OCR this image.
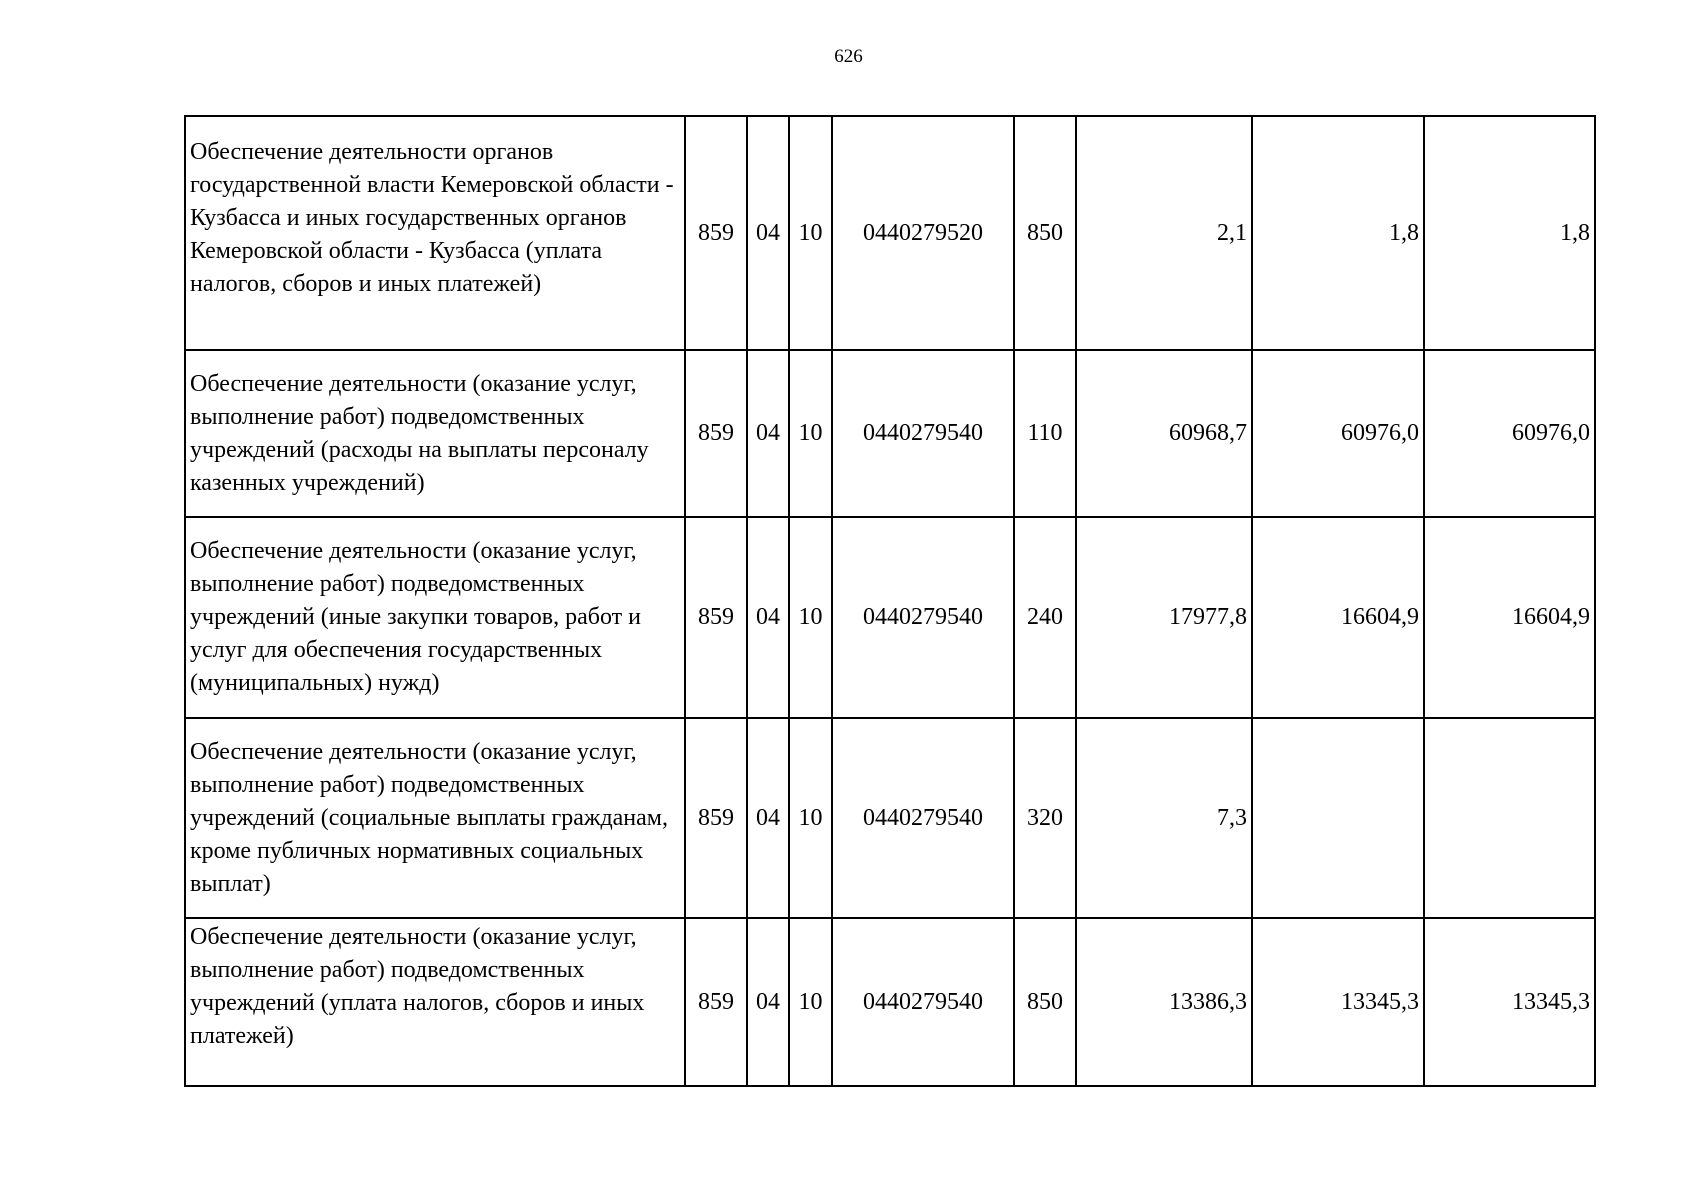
626
Обеспечение деятельности органов государственной власти Кемеровской области - Кузбасса и иных государственных органов Кемеровской области - Кузбасса (уплата налогов, сборов и иных платежей)	859	04	10	0440279520	850	2,1	1,8	1,8
Обеспечение деятельности (оказание услуг, выполнение работ) подведомственных учреждений (расходы на выплаты персоналу казенных учреждений)	859	04	10	0440279540	110	60968,7	60976,0	60976,0
Обеспечение деятельности (оказание услуг, выполнение работ) подведомственных учреждений (иные закупки товаров, работ и услуг для обеспечения государственных (муниципальных) нужд)	859	04	10	0440279540	240	17977,8	16604,9	16604,9
Обеспечение деятельности (оказание услуг, выполнение работ) подведомственных учреждений (социальные выплаты гражданам, кроме публичных нормативных социальных выплат)	859	04	10	0440279540	320	7,3		
Обеспечение деятельности (оказание услуг, выполнение работ) подведомственных учреждений (уплата налогов, сборов и иных платежей)	859	04	10	0440279540	850	13386,3	13345,3	13345,3
